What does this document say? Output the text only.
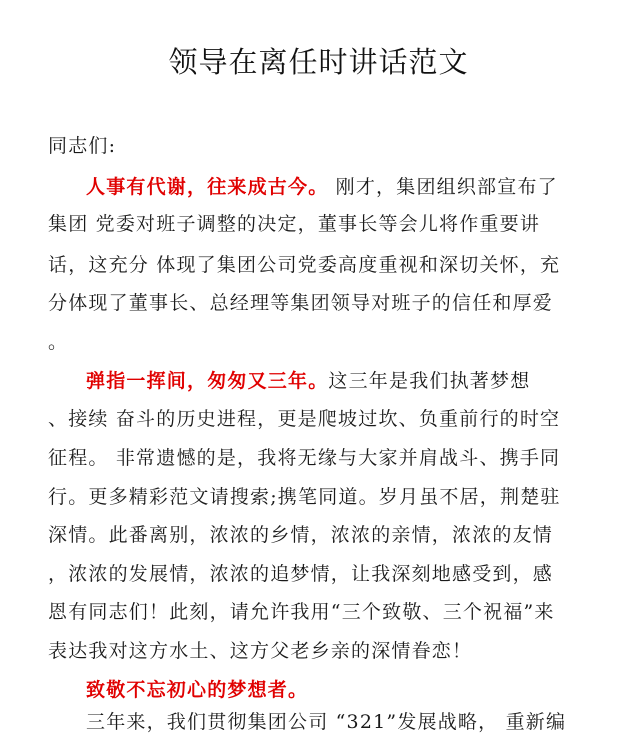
领导在离任时讲话范文
同志们:
人事有代谢，往来成古今。 刚才，集团组织部宣布了
集团 党委对班子调整的决定，董事长等会儿将作重要讲
话，这充分 体现了集团公司党委高度重视和深切关怀，充
分体现了董事长、总经理等集团领导对班子的信任和厚爱
。
弹指一挥间，匆匆又三年。这三年是我们执著梦想
、接续 奋斗的历史进程，更是爬坡过坎、负重前行的时空
征程。 非常遗憾的是，我将无缘与大家并肩战斗、携手同
行。更多精彩范文请搜索;携笔同道。岁月虽不居，荆楚驻
深情。此番离别，浓浓的乡情，浓浓的亲情，浓浓的友情
，浓浓的发展情，浓浓的追梦情，让我深刻地感受到，感
恩有同志们！此刻，请允许我用“三个致敬、三个祝福”来
表达我对这方水土、这方父老乡亲的深情眷恋！
致敬不忘初心的梦想者。
三年来，我们贯彻集团公司 “321”发展战略， 重新编
